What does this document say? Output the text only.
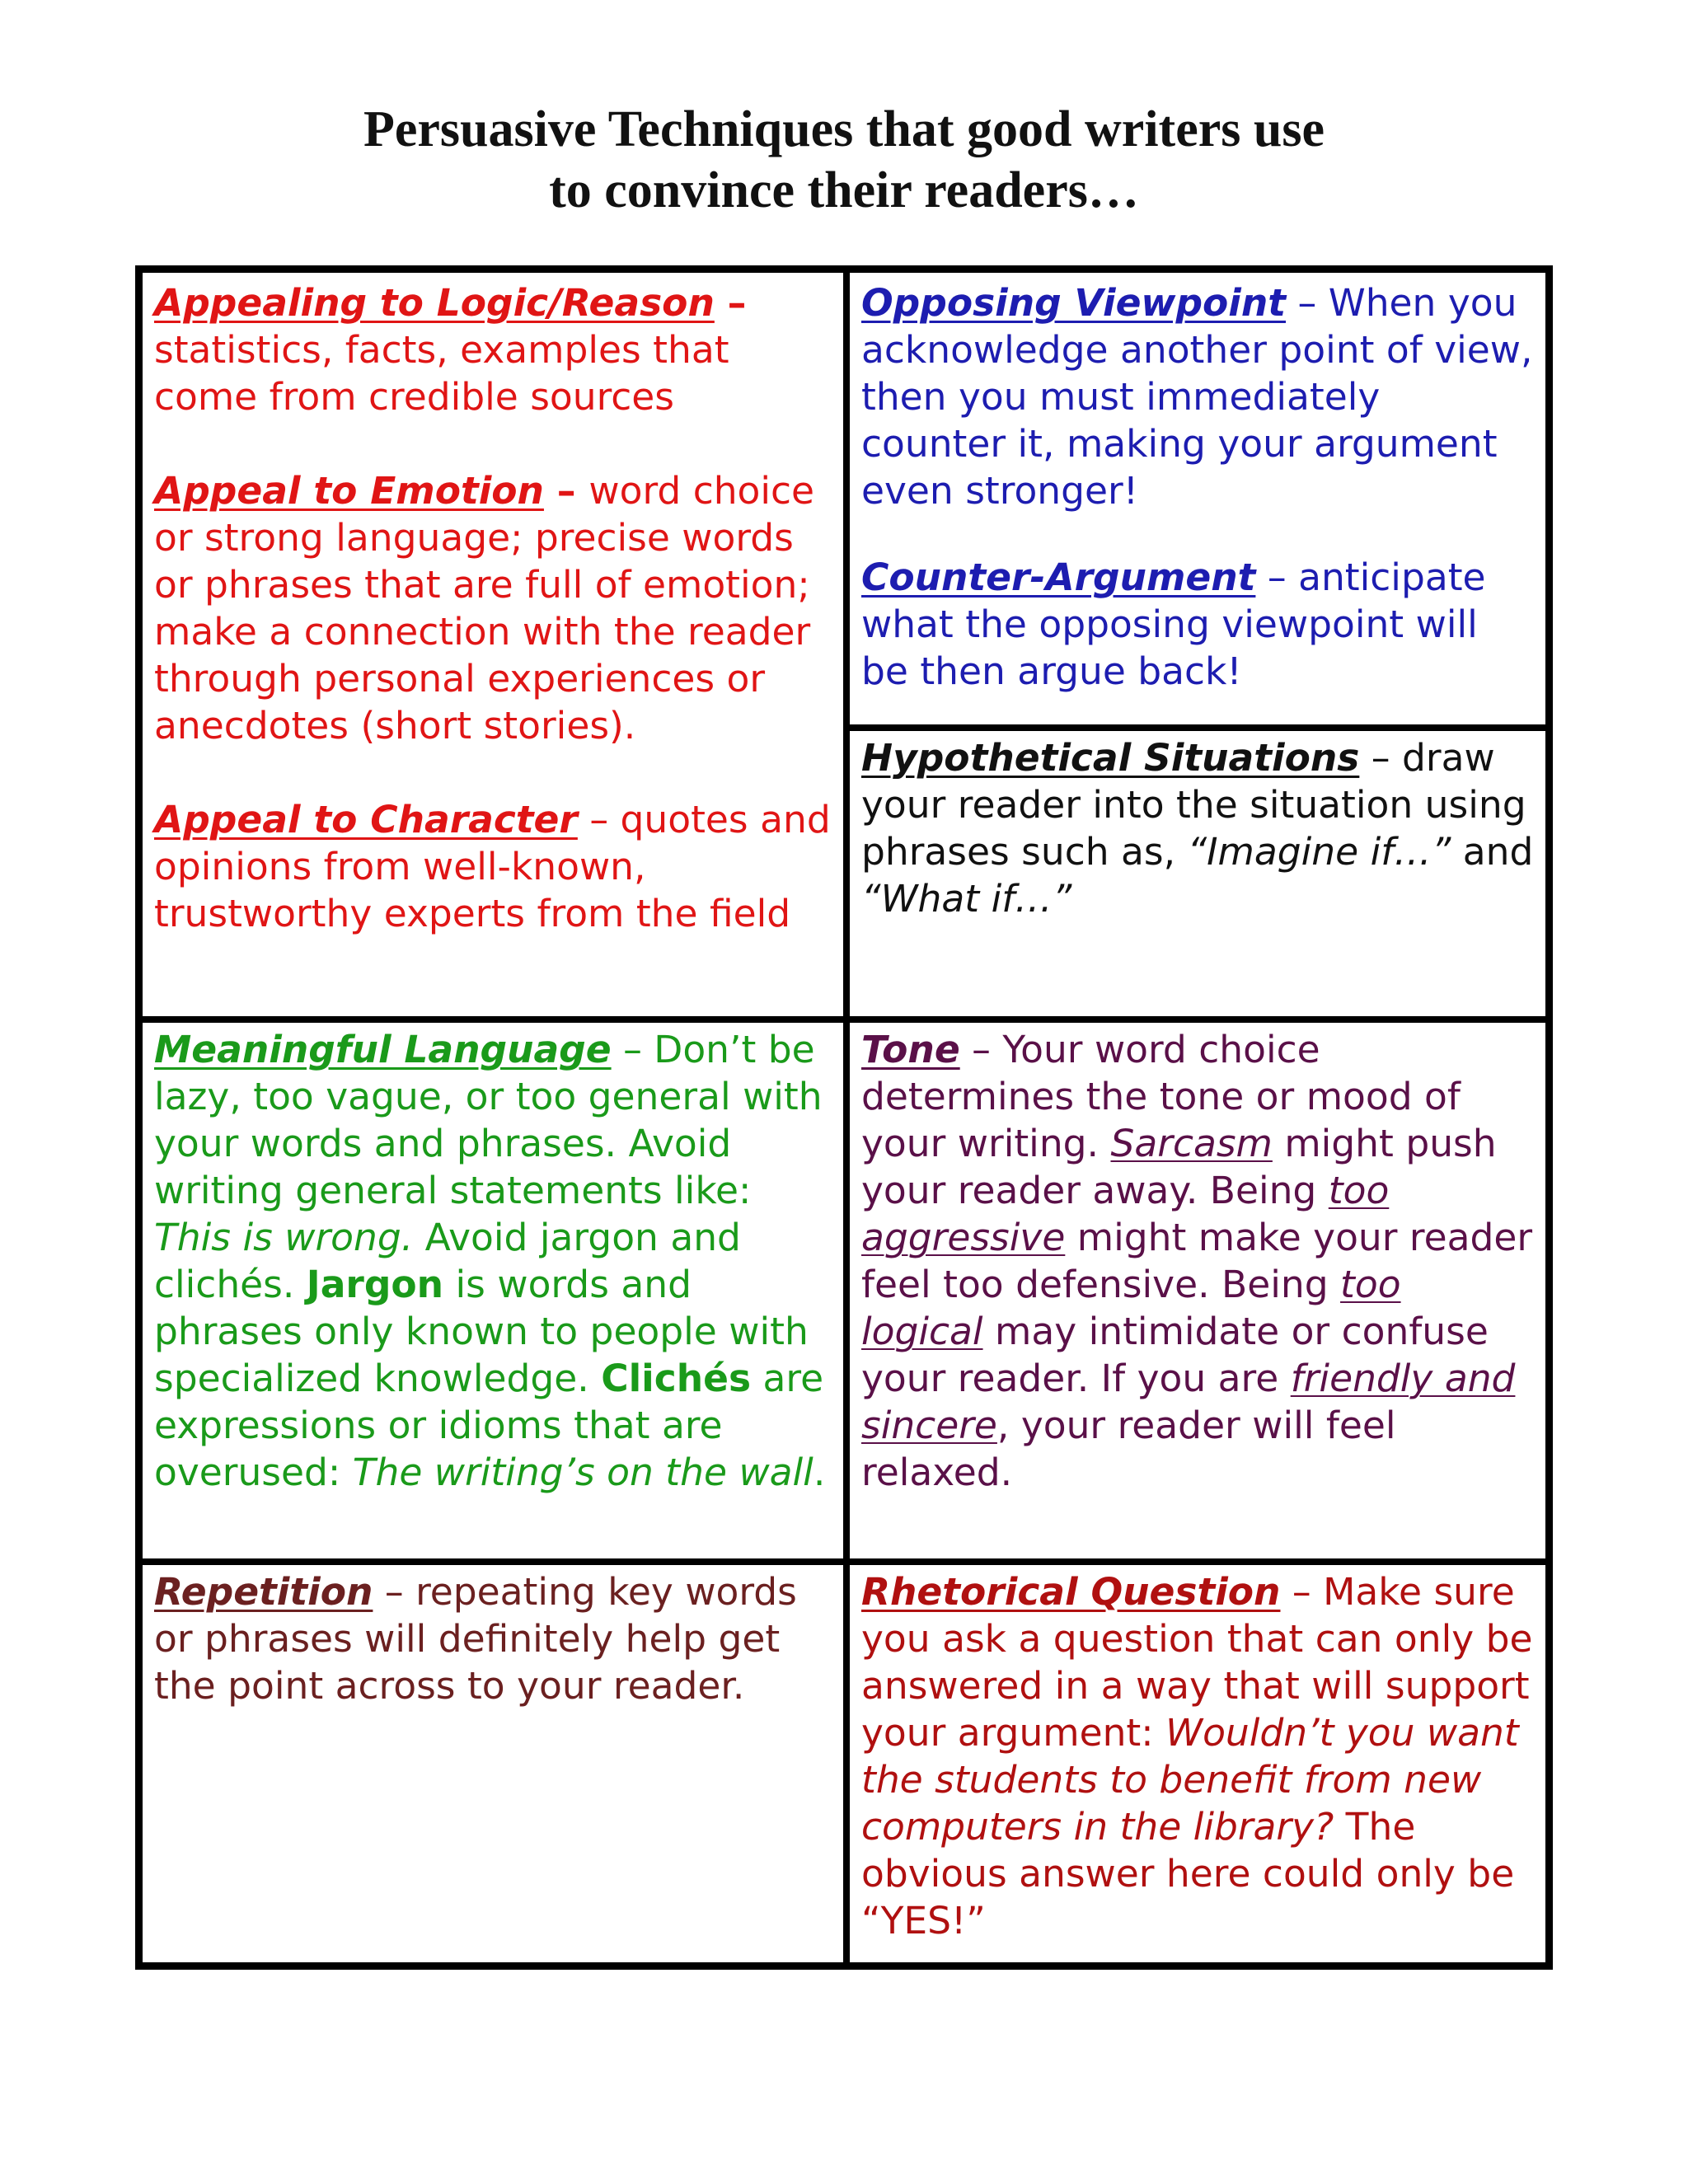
Persuasive Techniques that good writers use
to convince their readers…

Appealing to Logic/Reason – statistics, facts, examples that come from credible sources

Appeal to Emotion – word choice or strong language; precise words or phrases that are full of emotion; make a connection with the reader through personal experiences or anecdotes (short stories).

Appeal to Character – quotes and opinions from well-known, trustworthy experts from the field

Opposing Viewpoint – When you acknowledge another point of view, then you must immediately counter it, making your argument even stronger!

Counter-Argument – anticipate what the opposing viewpoint will be then argue back!

Hypothetical Situations – draw your reader into the situation using phrases such as, “Imagine if…” and “What if…”

Meaningful Language – Don’t be lazy, too vague, or too general with your words and phrases. Avoid writing general statements like: This is wrong. Avoid jargon and clichés. Jargon is words and phrases only known to people with specialized knowledge. Clichés are expressions or idioms that are overused: The writing’s on the wall.

Tone – Your word choice determines the tone or mood of your writing. Sarcasm might push your reader away. Being too aggressive might make your reader feel too defensive. Being too logical may intimidate or confuse your reader. If you are friendly and sincere, your reader will feel relaxed.

Repetition – repeating key words or phrases will definitely help get the point across to your reader.

Rhetorical Question – Make sure you ask a question that can only be answered in a way that will support your argument: Wouldn’t you want the students to benefit from new computers in the library? The obvious answer here could only be “YES!”
